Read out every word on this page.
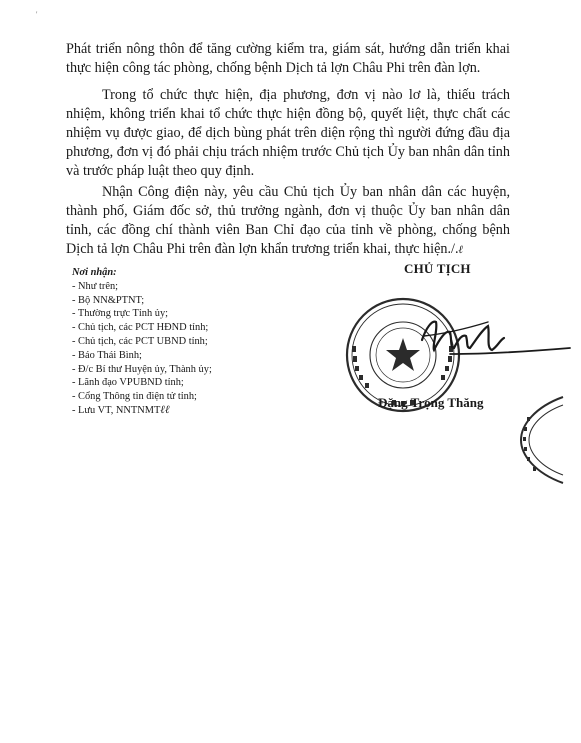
'

Phát triển nông thôn để tăng cường kiểm tra, giám sát, hướng dẫn triển khai thực hiện công tác phòng, chống bệnh Dịch tả lợn Châu Phi trên đàn lợn.

Trong tổ chức thực hiện, địa phương, đơn vị nào lơ là, thiếu trách nhiệm, không triển khai tổ chức thực hiện đồng bộ, quyết liệt, thực chất các nhiệm vụ được giao, để dịch bùng phát trên diện rộng thì người đứng đầu địa phương, đơn vị đó phải chịu trách nhiệm trước Chủ tịch Ủy ban nhân dân tỉnh và trước pháp luật theo quy định.

Nhận Công điện này, yêu cầu Chủ tịch Ủy ban nhân dân các huyện, thành phố, Giám đốc sở, thủ trưởng ngành, đơn vị thuộc Ủy ban nhân dân tỉnh, các đồng chí thành viên Ban Chỉ đạo của tỉnh về phòng, chống bệnh Dịch tả lợn Châu Phi trên đàn lợn khẩn trương triển khai, thực hiện./.ℓ

Nơi nhận:
- Như trên;
- Bộ NN&PTNT;
- Thường trực Tỉnh ủy;
- Chủ tịch, các PCT HĐND tỉnh;
- Chủ tịch, các PCT UBND tỉnh;
- Báo Thái Bình;
- Đ/c Bí thư Huyện ủy, Thành ủy;
- Lãnh đạo VPUBND tỉnh;
- Cổng Thông tin điện tử tỉnh;
- Lưu VT, NNTNMTℓℓ
CHỦ TỊCH
Đặng Trọng Thăng
